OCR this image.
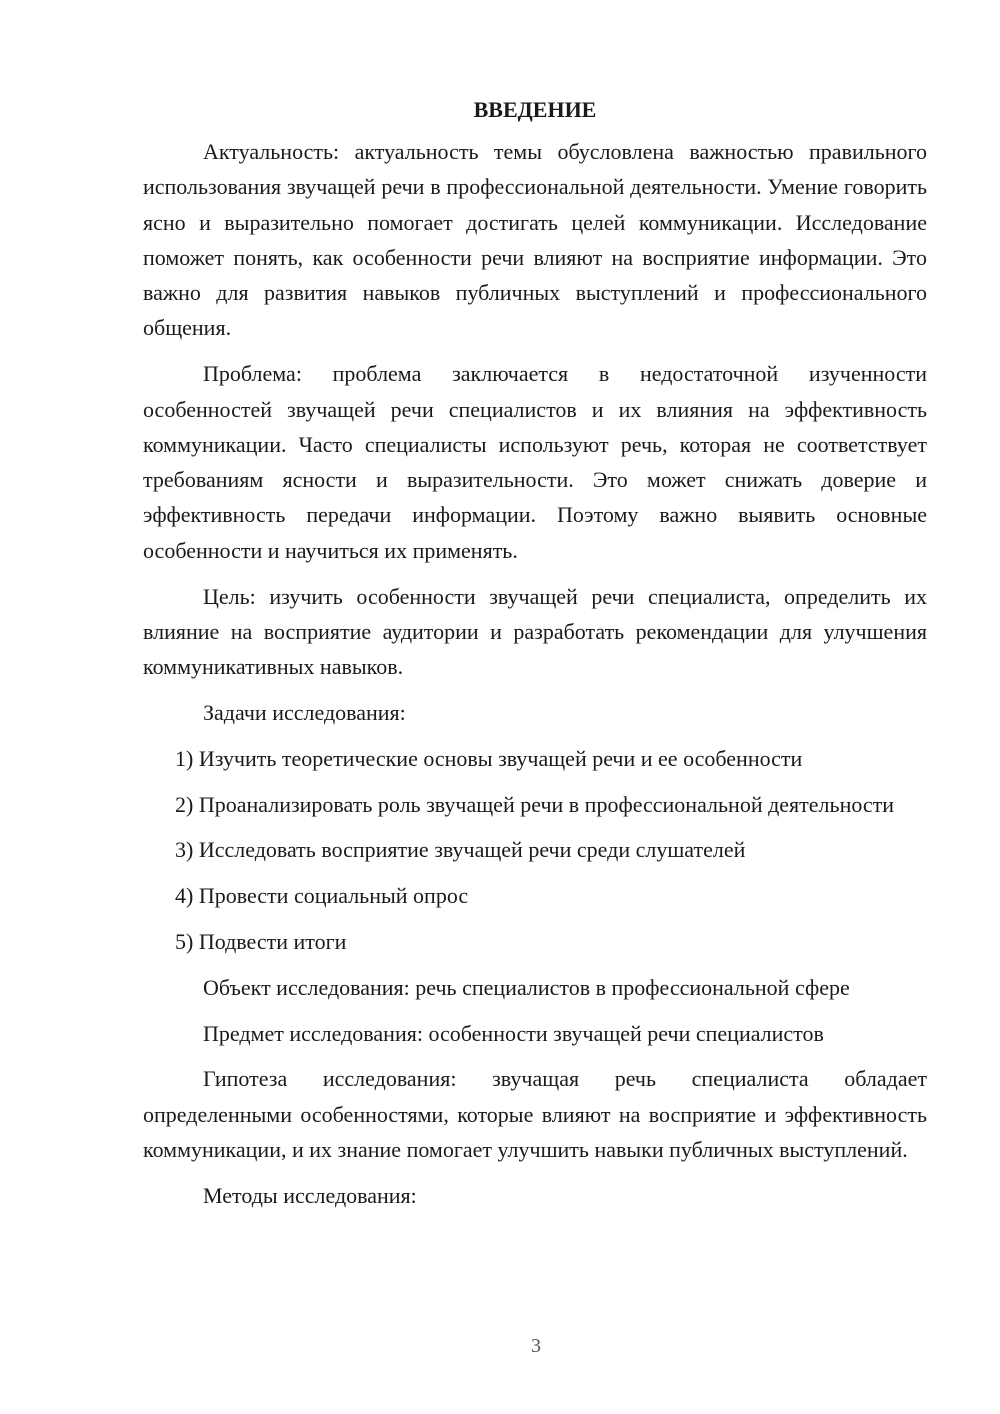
ВВЕДЕНИЕ

Актуальность: актуальность темы обусловлена важностью правильного использования звучащей речи в профессиональной деятельности. Умение говорить ясно и выразительно помогает достигать целей коммуникации. Исследование поможет понять, как особенности речи влияют на восприятие информации. Это важно для развития навыков публичных выступлений и профессионального общения.

Проблема: проблема заключается в недостаточной изученности особенностей звучащей речи специалистов и их влияния на эффективность коммуникации. Часто специалисты используют речь, которая не соответствует требованиям ясности и выразительности. Это может снижать доверие и эффективность передачи информации. Поэтому важно выявить основные особенности и научиться их применять.

Цель: изучить особенности звучащей речи специалиста, определить их влияние на восприятие аудитории и разработать рекомендации для улучшения коммуникативных навыков.

Задачи исследования:

1) Изучить теоретические основы звучащей речи и ее особенности

2) Проанализировать роль звучащей речи в профессиональной деятельности

3) Исследовать восприятие звучащей речи среди слушателей

4) Провести социальный опрос

5) Подвести итоги

Объект исследования: речь специалистов в профессиональной сфере

Предмет исследования: особенности звучащей речи специалистов

Гипотеза исследования: звучащая речь специалиста обладает определенными особенностями, которые влияют на восприятие и эффективность коммуникации, и их знание помогает улучшить навыки публичных выступлений.

Методы исследования:

3
